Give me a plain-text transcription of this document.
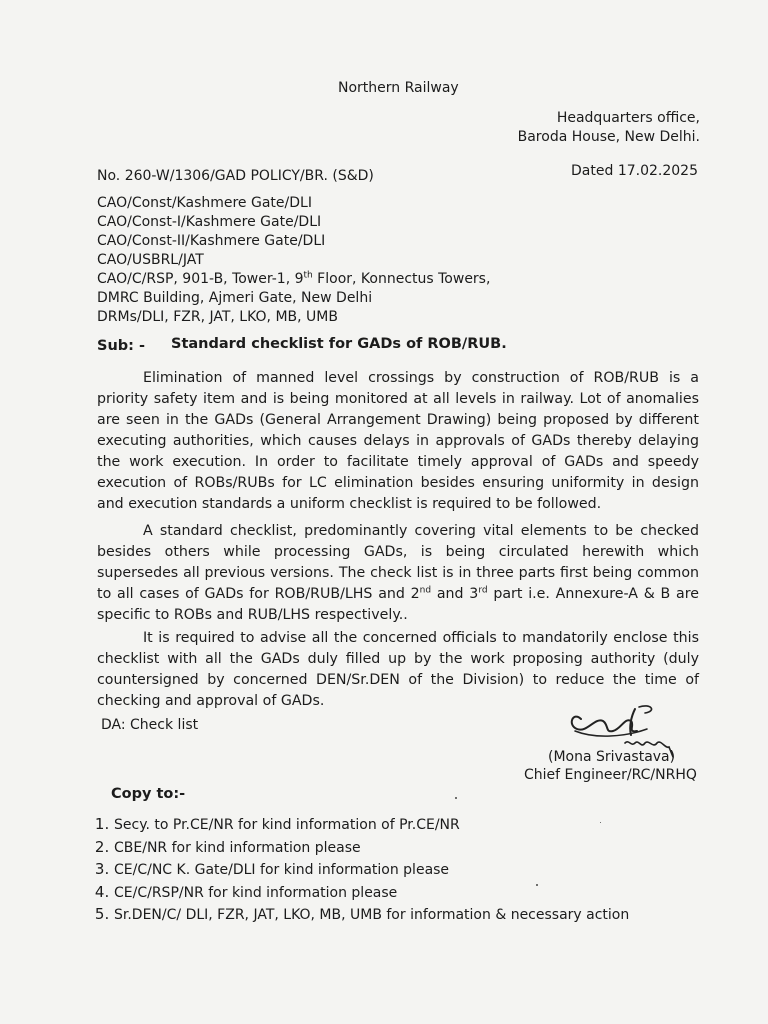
Northern Railway
Headquarters office,
Baroda House, New Delhi.
No. 260-W/1306/GAD POLICY/BR. (S&D)	Dated 17.02.2025
CAO/Const/Kashmere Gate/DLI
CAO/Const-I/Kashmere Gate/DLI
CAO/Const-II/Kashmere Gate/DLI
CAO/USBRL/JAT
CAO/C/RSP, 901-B, Tower-1, 9th Floor, Konnectus Towers,
DMRC Building, Ajmeri Gate, New Delhi
DRMs/DLI, FZR, JAT, LKO, MB, UMB
Sub: - Standard checklist for GADs of ROB/RUB.

Elimination of manned level crossings by construction of ROB/RUB is a priority safety item and is being monitored at all levels in railway. Lot of anomalies are seen in the GADs (General Arrangement Drawing) being proposed by different executing authorities, which causes delays in approvals of GADs thereby delaying the work execution. In order to facilitate timely approval of GADs and speedy execution of ROBs/RUBs for LC elimination besides ensuring uniformity in design and execution standards a uniform checklist is required to be followed.

A standard checklist, predominantly covering vital elements to be checked besides others while processing GADs, is being circulated herewith which supersedes all previous versions. The check list is in three parts first being common to all cases of GADs for ROB/RUB/LHS and 2nd and 3rd part i.e. Annexure-A & B are specific to ROBs and RUB/LHS respectively..

It is required to advise all the concerned officials to mandatorily enclose this checklist with all the GADs duly filled up by the work proposing authority (duly countersigned by concerned DEN/Sr.DEN of the Division) to reduce the time of checking and approval of GADs.

DA: Check list
(Mona Srivastava)
Chief Engineer/RC/NRHQ
Copy to:-
1. Secy. to Pr.CE/NR for kind information of Pr.CE/NR
2. CBE/NR for kind information please
3. CE/C/NC K. Gate/DLI for kind information please
4. CE/C/RSP/NR for kind information please
5. Sr.DEN/C/ DLI, FZR, JAT, LKO, MB, UMB for information & necessary action
